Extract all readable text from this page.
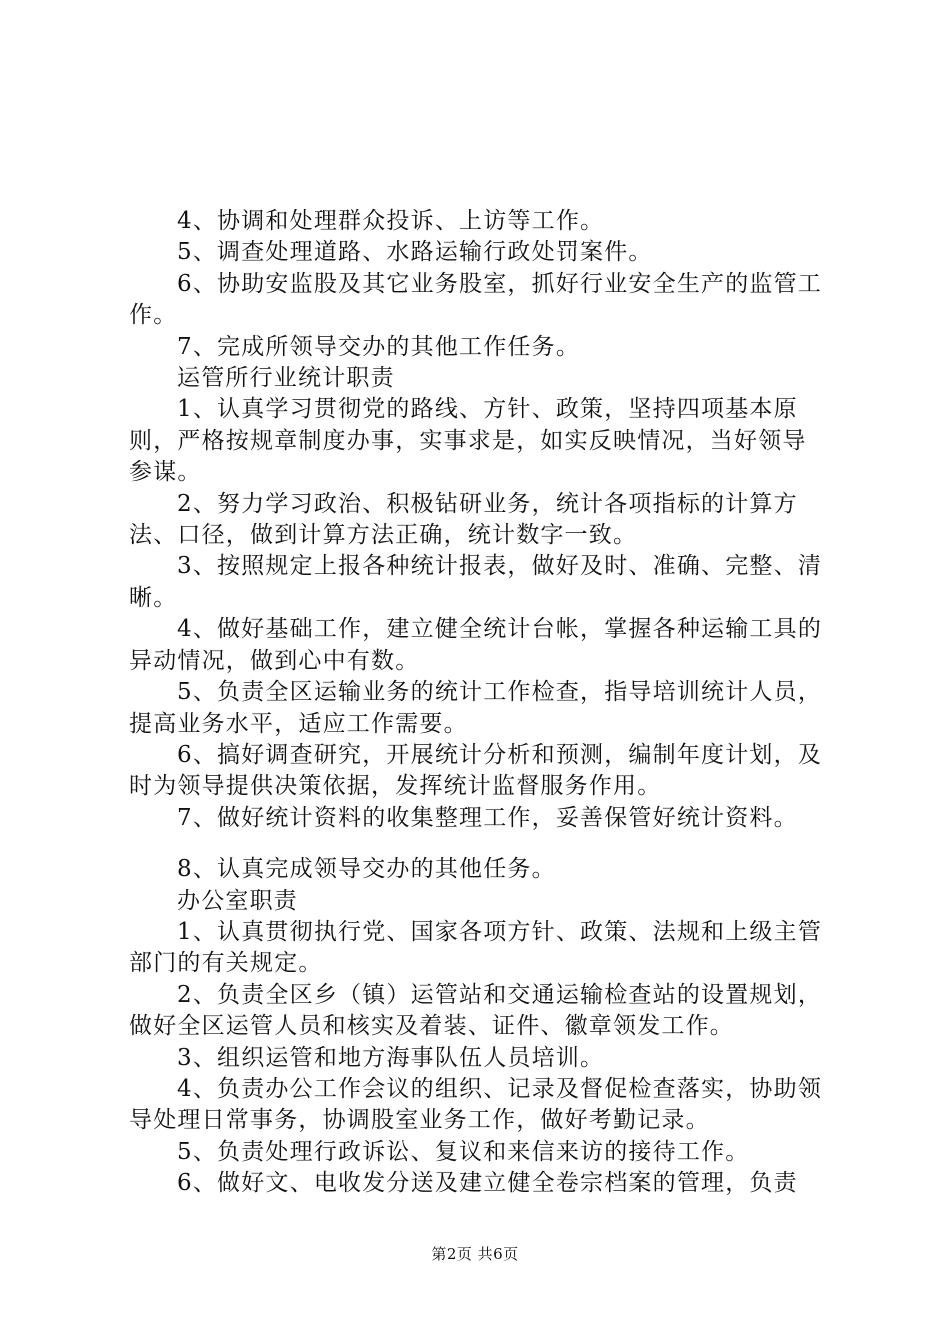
4、协调和处理群众投诉、上访等工作。

5、调查处理道路、水路运输行政处罚案件。

6、协助安监股及其它业务股室，抓好行业安全生产的监管工作。

7、完成所领导交办的其他工作任务。

运管所行业统计职责

1、认真学习贯彻党的路线、方针、政策，坚持四项基本原则，严格按规章制度办事，实事求是，如实反映情况，当好领导参谋。

2、努力学习政治、积极钻研业务，统计各项指标的计算方法、口径，做到计算方法正确，统计数字一致。

3、按照规定上报各种统计报表，做好及时、准确、完整、清晰。

4、做好基础工作，建立健全统计台帐，掌握各种运输工具的异动情况，做到心中有数。

5、负责全区运输业务的统计工作检查，指导培训统计人员，提高业务水平，适应工作需要。

6、搞好调查研究，开展统计分析和预测，编制年度计划，及时为领导提供决策依据，发挥统计监督服务作用。

7、做好统计资料的收集整理工作，妥善保管好统计资料。

8、认真完成领导交办的其他任务。

办公室职责

1、认真贯彻执行党、国家各项方针、政策、法规和上级主管部门的有关规定。

2、负责全区乡（镇）运管站和交通运输检查站的设置规划，做好全区运管人员和核实及着装、证件、徽章领发工作。

3、组织运管和地方海事队伍人员培训。

4、负责办公工作会议的组织、记录及督促检查落实，协助领导处理日常事务，协调股室业务工作，做好考勤记录。

5、负责处理行政诉讼、复议和来信来访的接待工作。

6、做好文、电收发分送及建立健全卷宗档案的管理，负责

第2页 共6页
